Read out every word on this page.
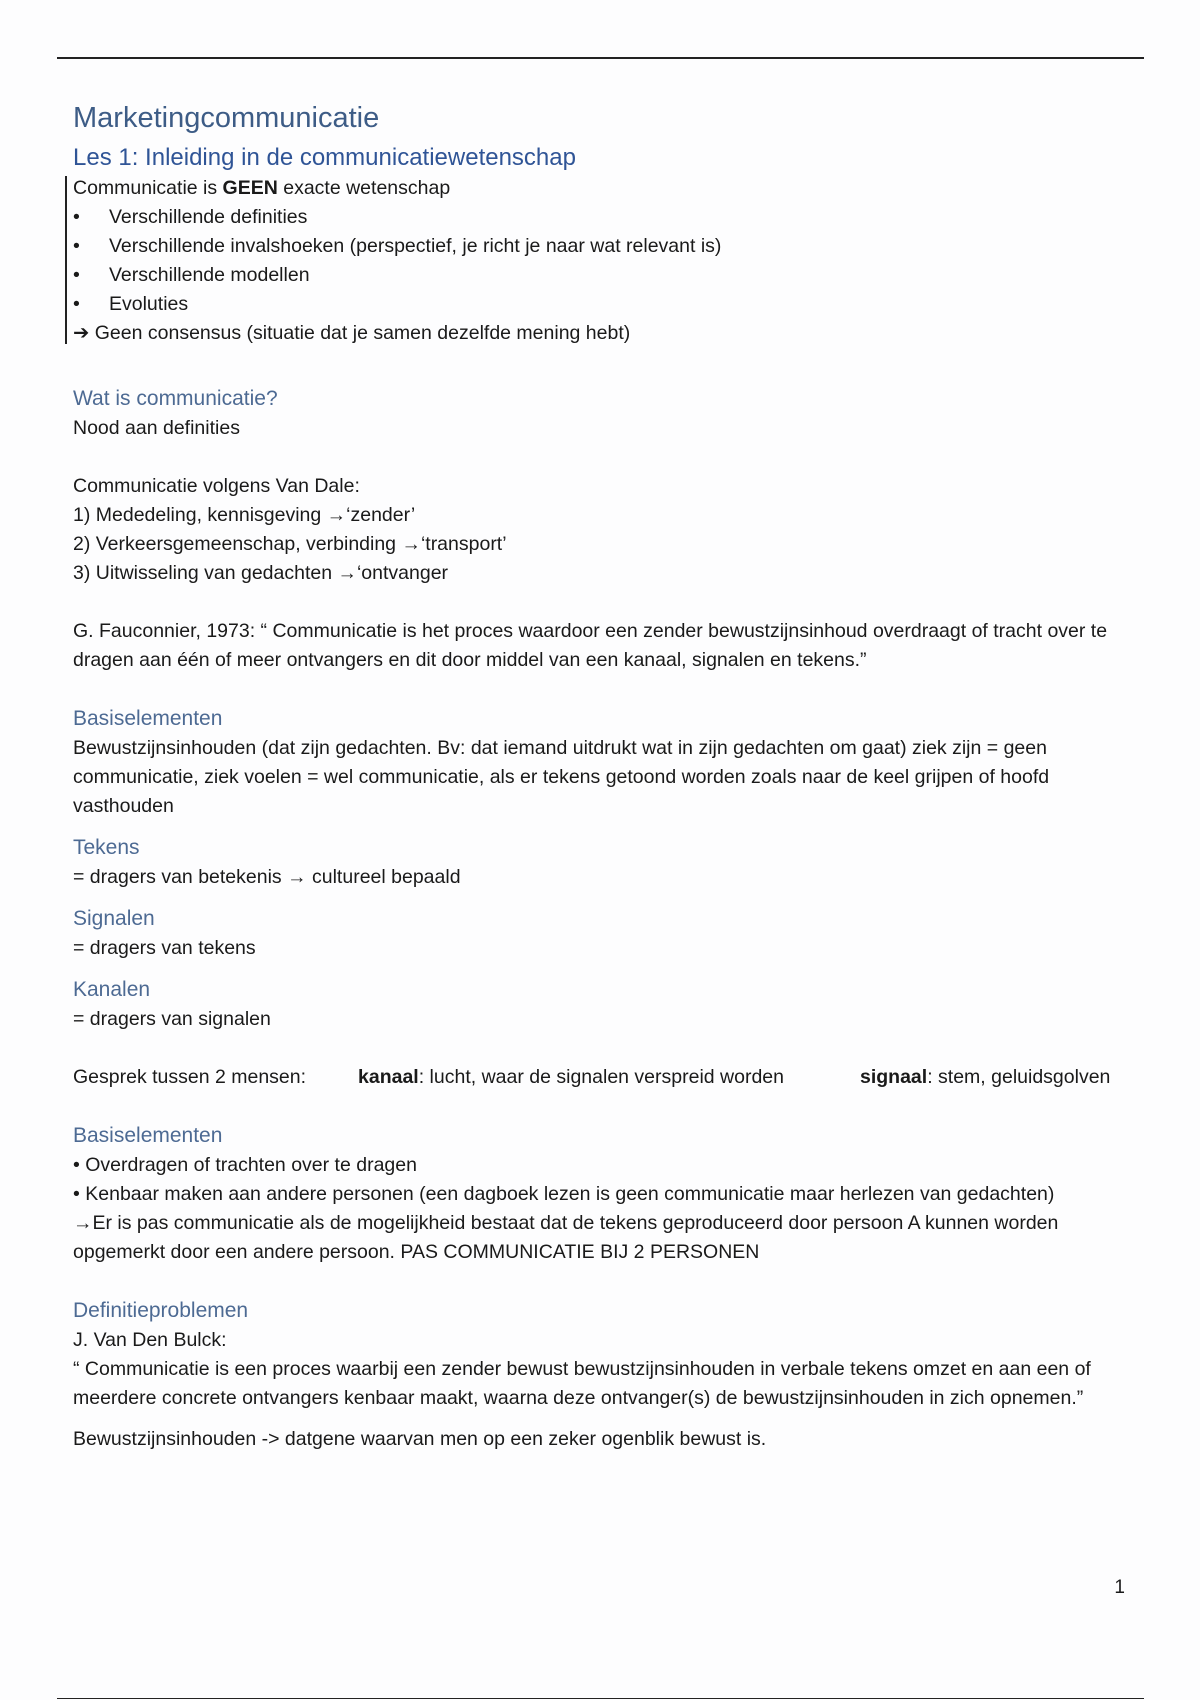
Marketingcommunicatie
Les 1: Inleiding in de communicatiewetenschap

Communicatie is GEEN exacte wetenschap

•	Verschillende definities
•	Verschillende invalshoeken (perspectief, je richt je naar wat relevant is)
•	Verschillende modellen
•	Evoluties

➔ Geen consensus (situatie dat je samen dezelfde mening hebt)

Wat is communicatie?

Nood aan definities

Communicatie volgens Van Dale:

1) Mededeling, kennisgeving →‘zender’

2) Verkeersgemeenschap, verbinding →‘transport’

3) Uitwisseling van gedachten →‘ontvanger

G. Fauconnier, 1973: “ Communicatie is het proces waardoor een zender bewustzijnsinhoud overdraagt of tracht over te dragen aan één of meer ontvangers en dit door middel van een kanaal, signalen en tekens.”

Basiselementen

Bewustzijnsinhouden (dat zijn gedachten. Bv: dat iemand uitdrukt wat in zijn gedachten om gaat) ziek zijn = geen communicatie, ziek voelen = wel communicatie, als er tekens getoond worden zoals naar de keel grijpen of hoofd vasthouden

Tekens

= dragers van betekenis → cultureel bepaald

Signalen

= dragers van tekens

Kanalen

= dragers van signalen

Gesprek tussen 2 mensen:	kanaal: lucht, waar de signalen verspreid worden	signaal: stem, geluidsgolven
Basiselementen

• Overdragen of trachten over te dragen

• Kenbaar maken aan andere personen (een dagboek lezen is geen communicatie maar herlezen van gedachten)

→Er is pas communicatie als de mogelijkheid bestaat dat de tekens geproduceerd door persoon A kunnen worden opgemerkt door een andere persoon. PAS COMMUNICATIE BIJ 2 PERSONEN

Definitieproblemen

J. Van Den Bulck:

“ Communicatie is een proces waarbij een zender bewust bewustzijnsinhouden in verbale tekens omzet en aan een of meerdere concrete ontvangers kenbaar maakt, waarna deze ontvanger(s) de bewustzijnsinhouden in zich opnemen.”

Bewustzijnsinhouden -> datgene waarvan men op een zeker ogenblik bewust is.

1
